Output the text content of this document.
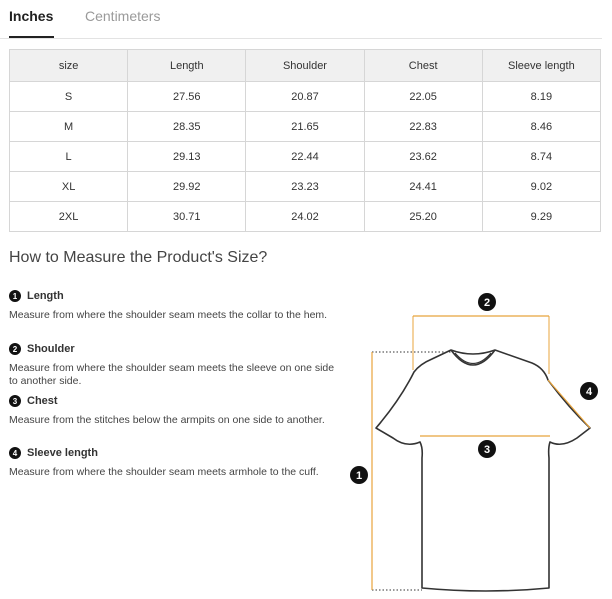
Inches Centimeters
size	Length	Shoulder	Chest	Sleeve length
S	27.56	20.87	22.05	8.19
M	28.35	21.65	22.83	8.46
L	29.13	22.44	23.62	8.74
XL	29.92	23.23	24.41	9.02
2XL	30.71	24.02	25.20	9.29
How to Measure the Product's Size?
1 Length
Measure from where the shoulder seam meets the collar to the hem.
2 Shoulder
Measure from where the shoulder seam meets the sleeve on one side to another side.
3 Chest
Measure from the stitches below the armpits on one side to another.
4 Sleeve length
Measure from where the shoulder seam meets armhole to the cuff.
2
3
4
1
